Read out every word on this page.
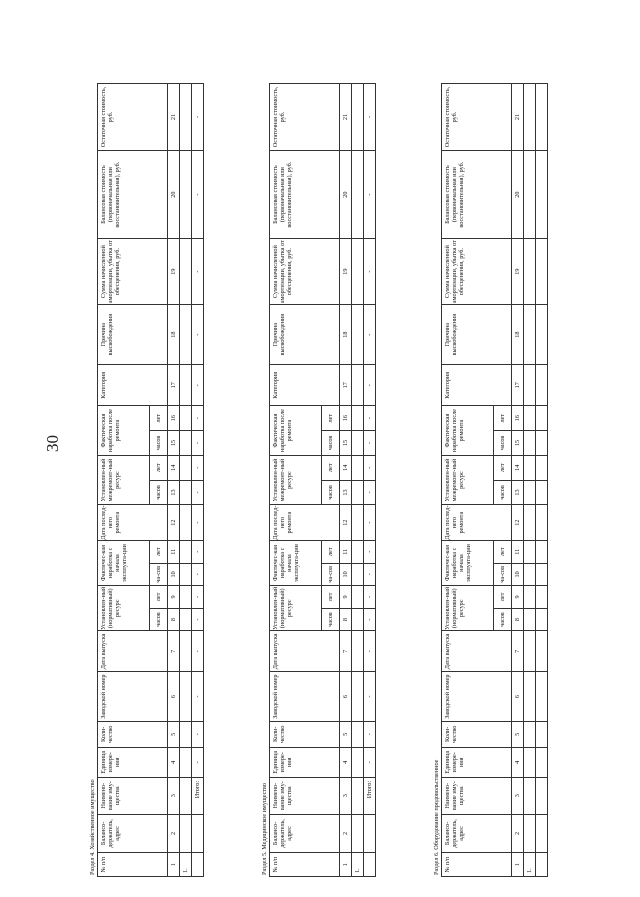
30
Раздел 4. Хозяйственное имущество № п/п	Балансо-держатель, адрес	Наимено-вание иму-щества	Единица измере-ния	Коли-чество	Заводской номер	Дата выпуска	Установлен-ный (нормативный) ресурс		Фактичес-кая наработка с начала эксплуата-ции		Дата послед-него ремонта	Установлен-ный межремонт-ный ресурс		Фактическая наработка после ремонта		Категория	Причина высвобождения	Сумма начисленной амортизации, убытка от обесценения, руб.	Балансовая стоимость (первоначальная или восстановительная), руб.	Остаточная стоимость, руб.

							часов	лет	ча-сов	лет		часов	лет	часов	лет					
1	2	3	4	5	6	7	8	9	10	11	12	13	14	15	16	17	18	19	20	21
1.																				
		Итого:	-	-	-	-	-	-	-	-	-	-	-	-	-	-	-	-	-	-
Раздел 5. Медицинское имущество № п/п	Балансо-держатель, адрес	Наимено-вание иму-щества	Единица измере-ния	Коли-чество	Заводской номер	Дата выпуска	Установлен-ный (нормативный) ресурс		Фактичес-кая наработка с начала эксплуата-ции		Дата послед-него ремонта	Установлен-ный межремонт-ный ресурс		Фактическая наработка после ремонта		Категория	Причина высвобождения	Сумма начисленной амортизации, убытка от обесценения, руб.	Балансовая стоимость (первоначальная или восстановительная), руб.	Остаточная стоимость, руб.

							часов	лет	ча-сов	лет		часов	лет	часов	лет					
1	2	3	4	5	6	7	8	9	10	11	12	13	14	15	16	17	18	19	20	21
1.																				
		Итого:	-	-	-	-	-	-	-	-	-	-	-	-	-	-	-	-	-	-
Раздел 6. Оборудование продовольственное № п/п	Балансо-держатель, адрес	Наимено-вание иму-щества	Единица измере-ния	Коли-чество	Заводской номер	Дата выпуска	Установлен-ный (нормативный) ресурс		Фактичес-кая наработка с начала эксплуата-ции		Дата послед-него ремонта	Установлен-ный межремонт-ный ресурс		Фактическая наработка после ремонта		Категория	Причина высвобождения	Сумма начисленной амортизации, убытка от обесценения, руб.	Балансовая стоимость (первоначальная или восстановительная), руб.	Остаточная стоимость, руб.

							часов	лет	ча-сов	лет		часов	лет	часов	лет					
1	2	3	4	5	6	7	8	9	10	11	12	13	14	15	16	17	18	19	20	21
1.																				
